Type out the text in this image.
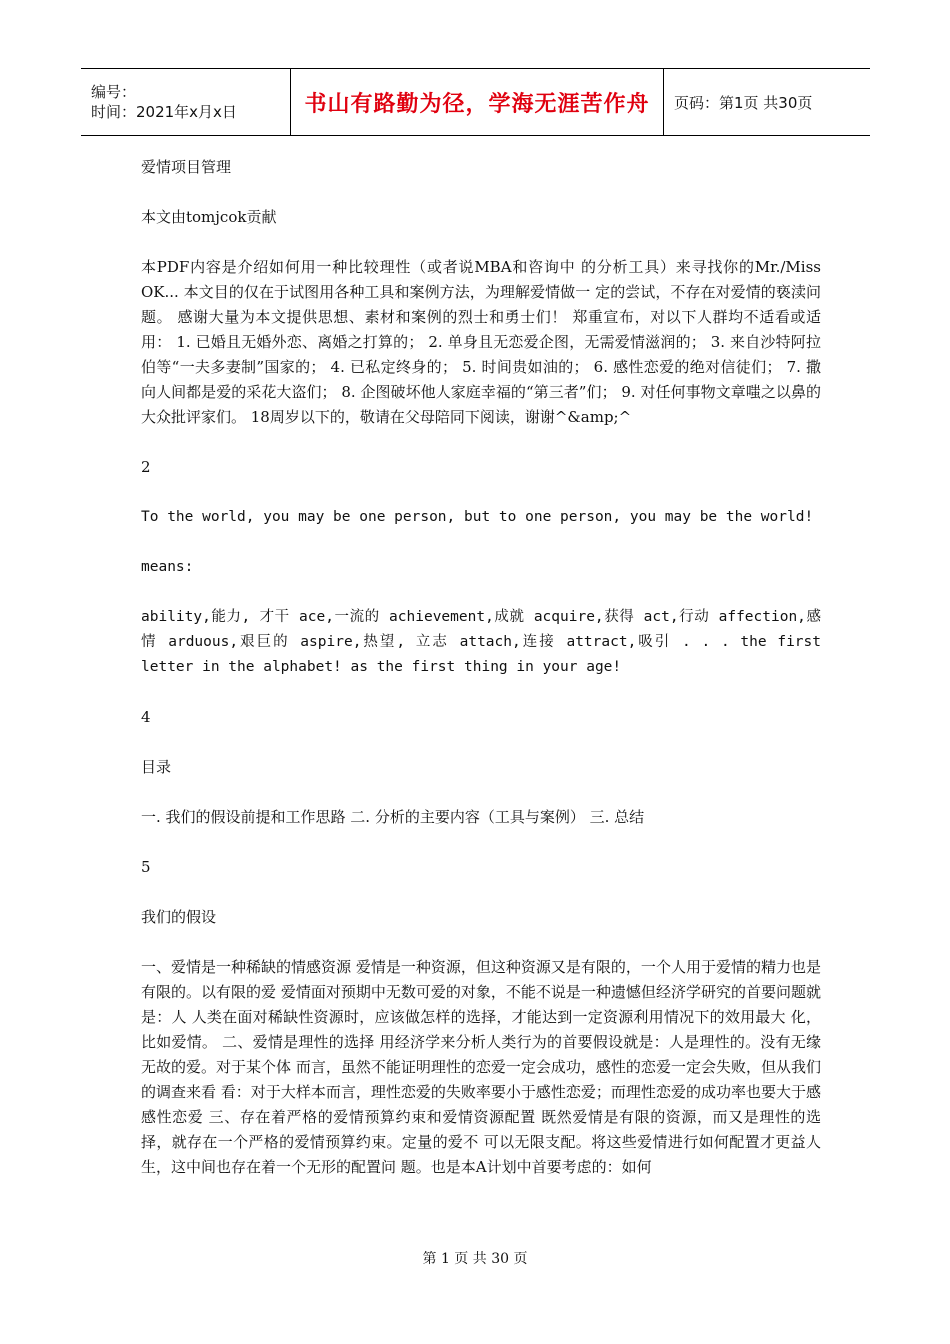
编号：
时间：2021年x月x日	书山有路勤为径，学海无涯苦作舟	页码：第1页 共30页

爱情项目管理

本文由tomjcok贡献

本PDF内容是介绍如何用一种比较理性（或者说MBA和咨询中 的分析工具）来寻找你的Mr./Miss OK... 本文目的仅在于试图用各种工具和案例方法，为理解爱情做一 定的尝试，不存在对爱情的亵渎问题。 感谢大量为本文提供思想、素材和案例的烈士和勇士们！ 郑重宣布，对以下人群均不适看或适用： 1. 已婚且无婚外恋、离婚之打算的； 2. 单身且无恋爱企图，无需爱情滋润的； 3. 来自沙特阿拉伯等“一夫多妻制”国家的； 4. 已私定终身的； 5. 时间贵如油的； 6. 感性恋爱的绝对信徒们； 7. 撒向人间都是爱的采花大盗们； 8. 企图破坏他人家庭幸福的“第三者”们； 9. 对任何事物文章嗤之以鼻的大众批评家们。 18周岁以下的，敬请在父母陪同下阅读，谢谢^&amp;^

2

To the world, you may be one person, but to one person, you may be the world!

means:

ability,能力, 才干 ace,一流的 achievement,成就 acquire,获得 act,行动 affection,感情 arduous,艰巨的 aspire,热望, 立志 attach,连接 attract,吸引 . . . the first letter in the alphabet! as the first thing in your age!

4

目录

一. 我们的假设前提和工作思路 二. 分析的主要内容（工具与案例） 三. 总结

5

我们的假设

一、爱情是一种稀缺的情感资源 爱情是一种资源，但这种资源又是有限的，一个人用于爱情的精力也是有限的。以有限的爱 爱情面对预期中无数可爱的对象，不能不说是一种遗憾但经济学研究的首要问题就是：人 人类在面对稀缺性资源时，应该做怎样的选择，才能达到一定资源利用情况下的效用最大 化，比如爱情。 二、爱情是理性的选择 用经济学来分析人类行为的首要假设就是：人是理性的。没有无缘无故的爱。对于某个体 而言，虽然不能证明理性的恋爱一定会成功，感性的恋爱一定会失败，但从我们的调查来看 看：对于大样本而言，理性恋爱的失败率要小于感性恋爱；而理性恋爱的成功率也要大于感 感性恋爱 三、存在着严格的爱情预算约束和爱情资源配置 既然爱情是有限的资源，而又是理性的选择，就存在一个严格的爱情预算约束。定量的爱不 可以无限支配。将这些爱情进行如何配置才更益人生，这中间也存在着一个无形的配置问 题。也是本A计划中首要考虑的：如何

第 1 页 共 30 页
